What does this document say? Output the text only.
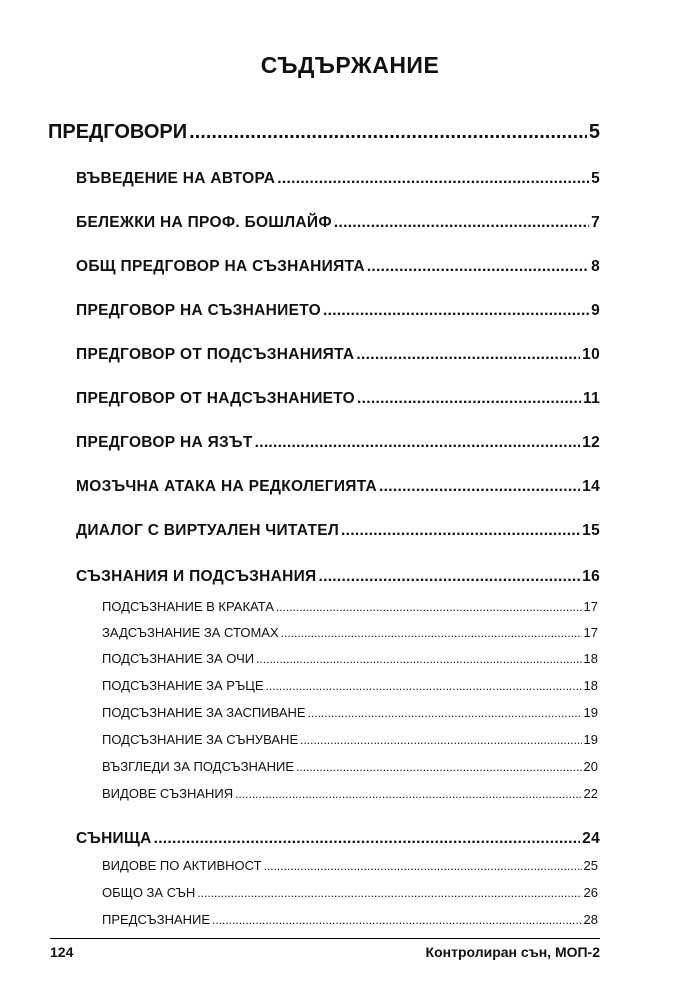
СЪДЪРЖАНИЕ
ПРЕДГОВОРИ .....	5
ВЪВЕДЕНИЕ НА АВТОРА .....	5
БЕЛЕЖКИ НА ПРОФ. БОШЛАЙФ .....	7
ОБЩ ПРЕДГОВОР НА СЪЗНАНИЯТА .....	8
ПРЕДГОВОР НА СЪЗНАНИЕТО .....	9
ПРЕДГОВОР ОТ ПОДСЪЗНАНИЯТА .....	10
ПРЕДГОВОР ОТ НАДСЪЗНАНИЕТО .....	11
ПРЕДГОВОР НА ЯЗЪТ .....	12
МОЗЪЧНА АТАКА НА РЕДКОЛЕГИЯТА .....	14
ДИАЛОГ С ВИРТУАЛЕН ЧИТАТЕЛ .....	15
СЪЗНАНИЯ И ПОДСЪЗНАНИЯ .....	16
ПОДСЪЗНАНИЕ В КРАКАТА .....	17
ЗАДСЪЗНАНИЕ ЗА СТОМАХ .....	17
ПОДСЪЗНАНИЕ ЗА ОЧИ .....	18
ПОДСЪЗНАНИЕ ЗА РЪЦЕ .....	18
ПОДСЪЗНАНИЕ ЗА ЗАСПИВАНЕ .....	19
ПОДСЪЗНАНИЕ ЗА СЪНУВАНЕ .....	19
ВЪЗГЛЕДИ ЗА ПОДСЪЗНАНИЕ .....	20
ВИДОВЕ СЪЗНАНИЯ .....	22
СЪНИЩА .....	24
ВИДОВЕ ПО АКТИВНОСТ .....	25
ОБЩО ЗА СЪН .....	26
ПРЕДСЪЗНАНИЕ .....	28
124	Контролиран сън, МОП-2
